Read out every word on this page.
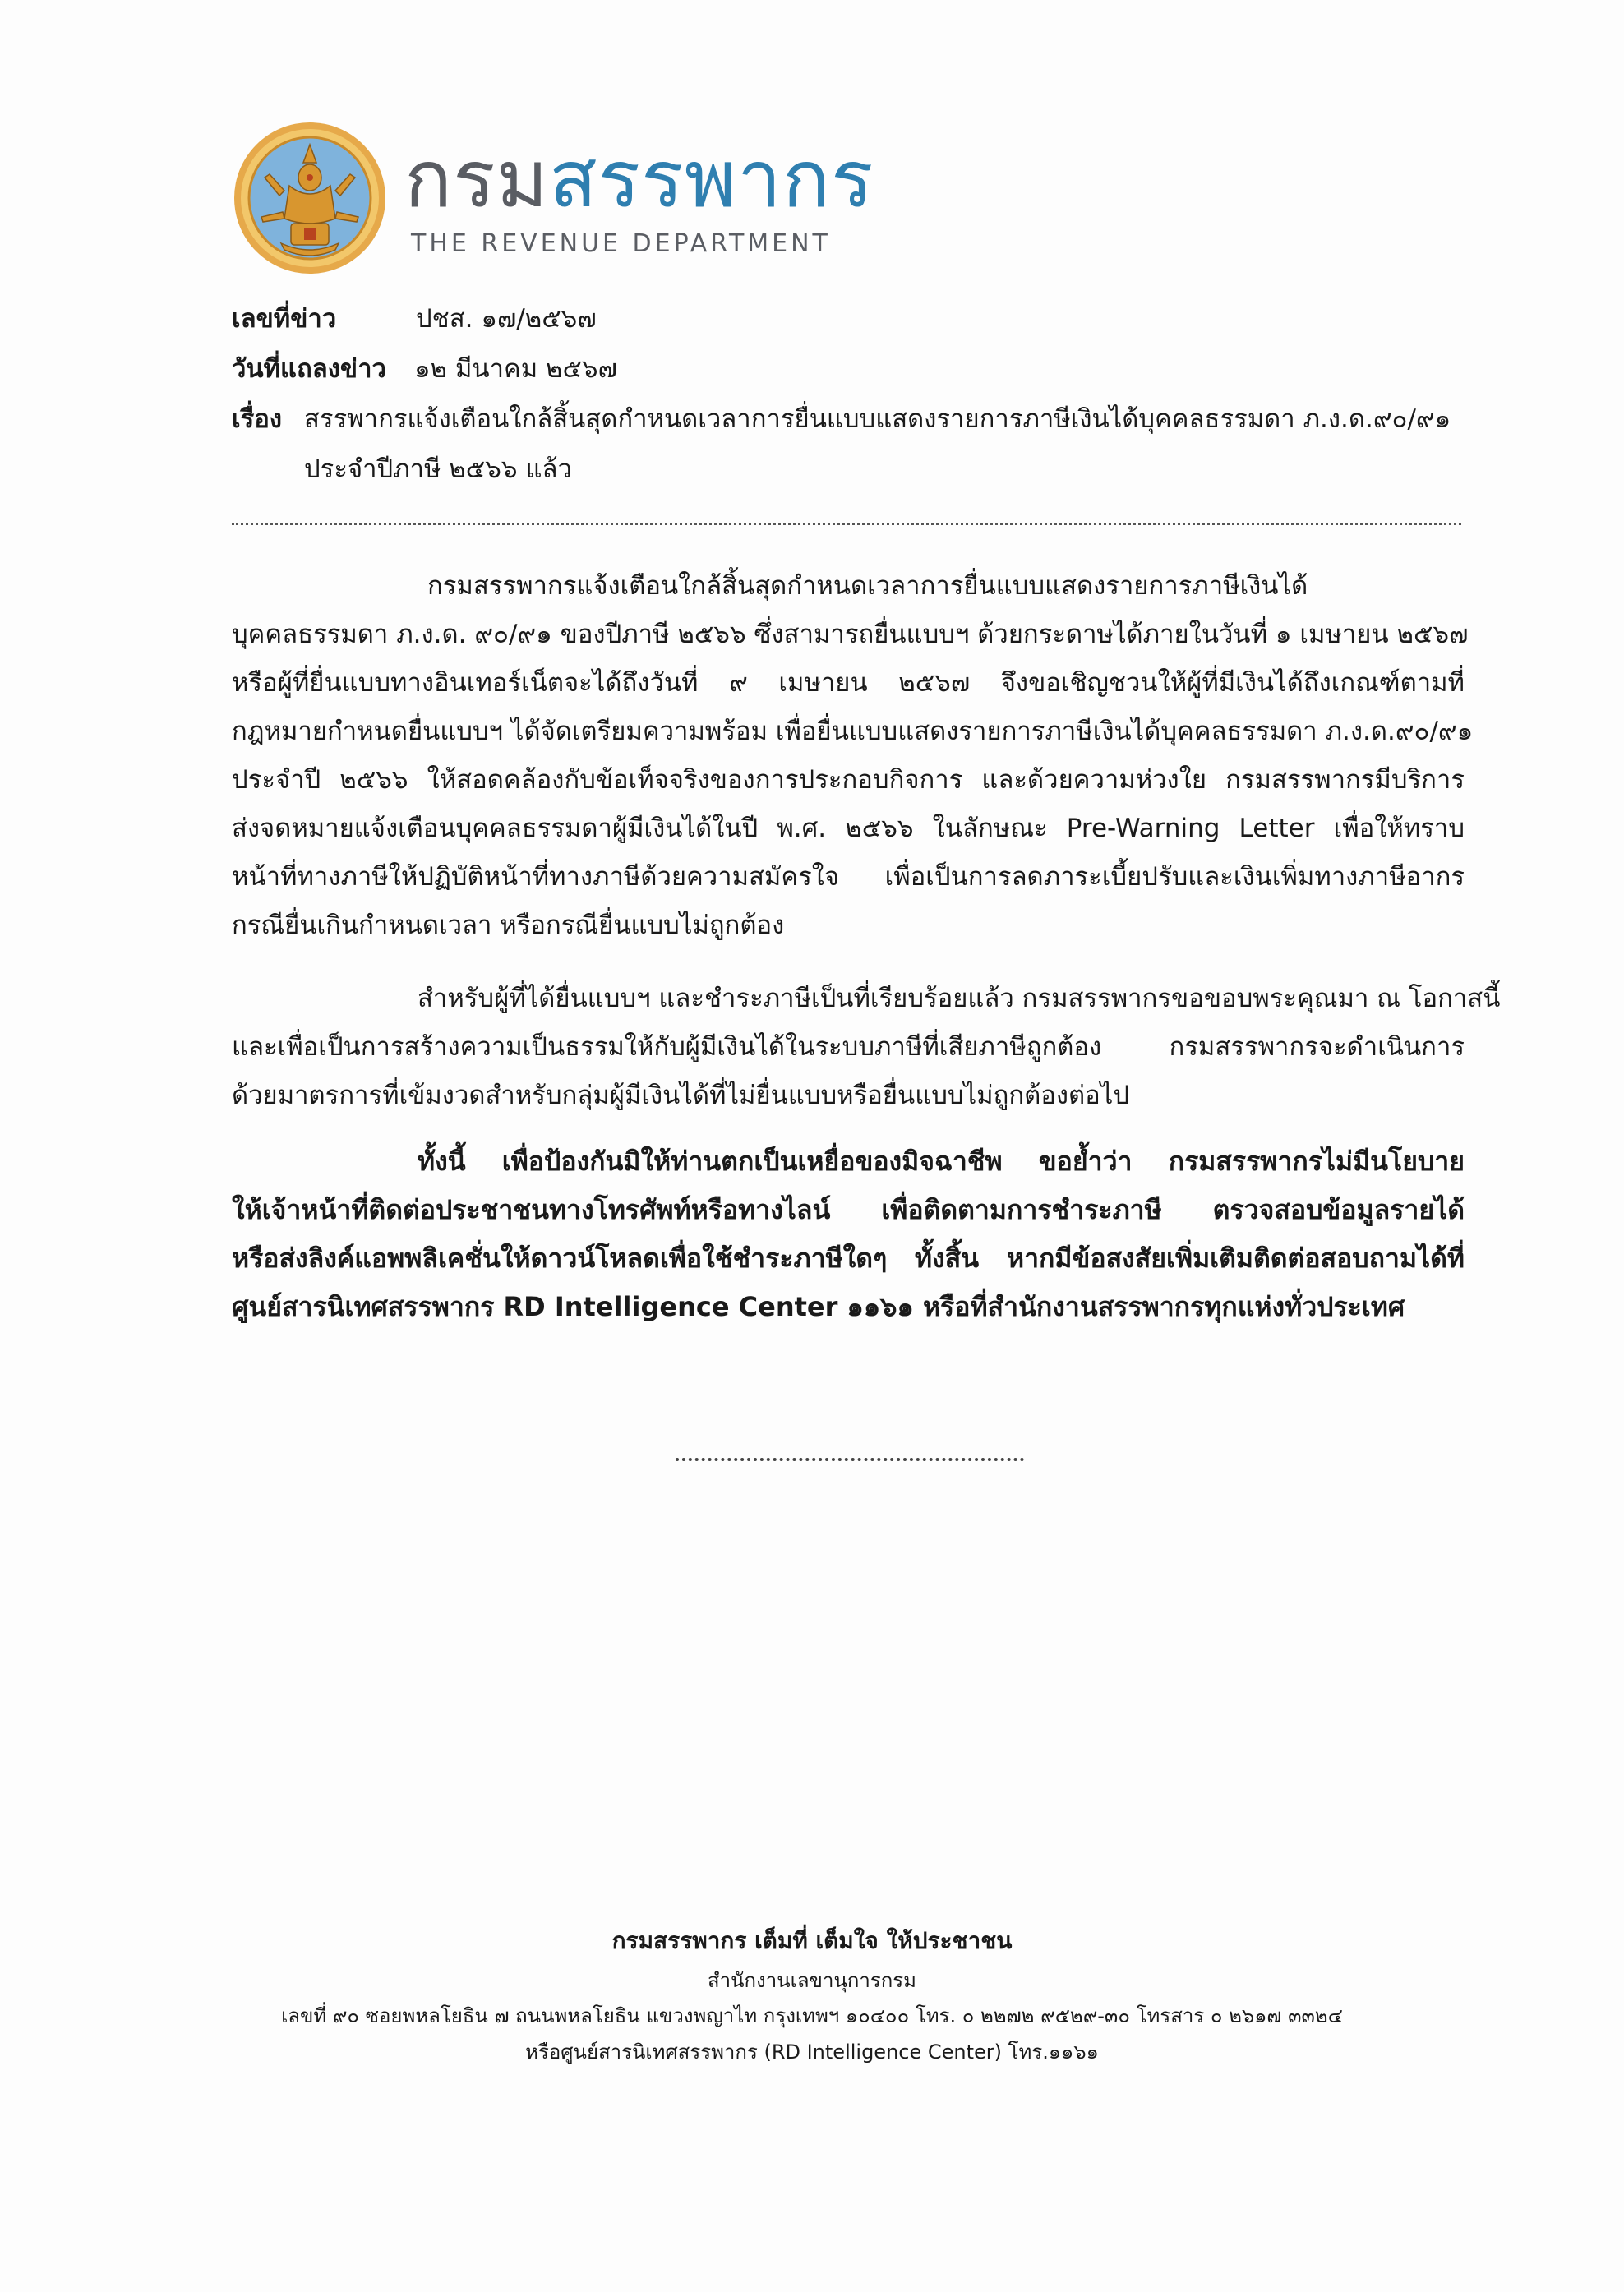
กรมสรรพากร
THE REVENUE DEPARTMENT
เลขที่ข่าว	ปชส. ๑๗/๒๕๖๗
วันที่แถลงข่าว ๑๒ มีนาคม ๒๕๖๗
เรื่อง สรรพากรแจ้งเตือนใกล้สิ้นสุดกำหนดเวลาการยื่นแบบแสดงรายการภาษีเงินได้บุคคลธรรมดา ภ.ง.ด.๙๐/๙๑
ประจำปีภาษี ๒๕๖๖ แล้ว
กรมสรรพากรแจ้งเตือนใกล้สิ้นสุดกำหนดเวลาการยื่นแบบแสดงรายการภาษีเงินได้
บุคคลธรรมดา ภ.ง.ด. ๙๐/๙๑ ของปีภาษี ๒๕๖๖ ซึ่งสามารถยื่นแบบฯ ด้วยกระดาษได้ภายในวันที่ ๑ เมษายน ๒๕๖๗
หรือผู้ที่ยื่นแบบทางอินเทอร์เน็ตจะได้ถึงวันที่ ๙ เมษายน ๒๕๖๗ จึงขอเชิญชวนให้ผู้ที่มีเงินได้ถึงเกณฑ์ตามที่
กฎหมายกำหนดยื่นแบบฯ ได้จัดเตรียมความพร้อม เพื่อยื่นแบบแสดงรายการภาษีเงินได้บุคคลธรรมดา ภ.ง.ด.๙๐/๙๑
ประจำปี ๒๕๖๖ ให้สอดคล้องกับข้อเท็จจริงของการประกอบกิจการ และด้วยความห่วงใย กรมสรรพากรมีบริการ
ส่งจดหมายแจ้งเตือนบุคคลธรรมดาผู้มีเงินได้ในปี พ.ศ. ๒๕๖๖ ในลักษณะ Pre-Warning Letter เพื่อให้ทราบ
หน้าที่ทางภาษีให้ปฏิบัติหน้าที่ทางภาษีด้วยความสมัครใจ เพื่อเป็นการลดภาระเบี้ยปรับและเงินเพิ่มทางภาษีอากร
กรณียื่นเกินกำหนดเวลา หรือกรณียื่นแบบไม่ถูกต้อง
สำหรับผู้ที่ได้ยื่นแบบฯ และชำระภาษีเป็นที่เรียบร้อยแล้ว กรมสรรพากรขอขอบพระคุณมา ณ โอกาสนี้
และเพื่อเป็นการสร้างความเป็นธรรมให้กับผู้มีเงินได้ในระบบภาษีที่เสียภาษีถูกต้อง กรมสรรพากรจะดำเนินการ
ด้วยมาตรการที่เข้มงวดสำหรับกลุ่มผู้มีเงินได้ที่ไม่ยื่นแบบหรือยื่นแบบไม่ถูกต้องต่อไป
ทั้งนี้ เพื่อป้องกันมิให้ท่านตกเป็นเหยื่อของมิจฉาชีพ ขอย้ำว่า กรมสรรพากรไม่มีนโยบาย
ให้เจ้าหน้าที่ติดต่อประชาชนทางโทรศัพท์หรือทางไลน์ เพื่อติดตามการชำระภาษี ตรวจสอบข้อมูลรายได้
หรือส่งลิงค์แอพพลิเคชั่นให้ดาวน์โหลดเพื่อใช้ชำระภาษีใดๆ ทั้งสิ้น หากมีข้อสงสัยเพิ่มเติมติดต่อสอบถามได้ที่
ศูนย์สารนิเทศสรรพากร RD Intelligence Center ๑๑๖๑ หรือที่สำนักงานสรรพากรทุกแห่งทั่วประเทศ
กรมสรรพากร เต็มที่ เต็มใจ ให้ประชาชน
สำนักงานเลขานุการกรม
เลขที่ ๙๐ ซอยพหลโยธิน ๗ ถนนพหลโยธิน แขวงพญาไท กรุงเทพฯ ๑๐๔๐๐ โทร. ๐ ๒๒๗๒ ๙๕๒๙-๓๐ โทรสาร ๐ ๒๖๑๗ ๓๓๒๔
หรือศูนย์สารนิเทศสรรพากร (RD Intelligence Center) โทร.๑๑๖๑
